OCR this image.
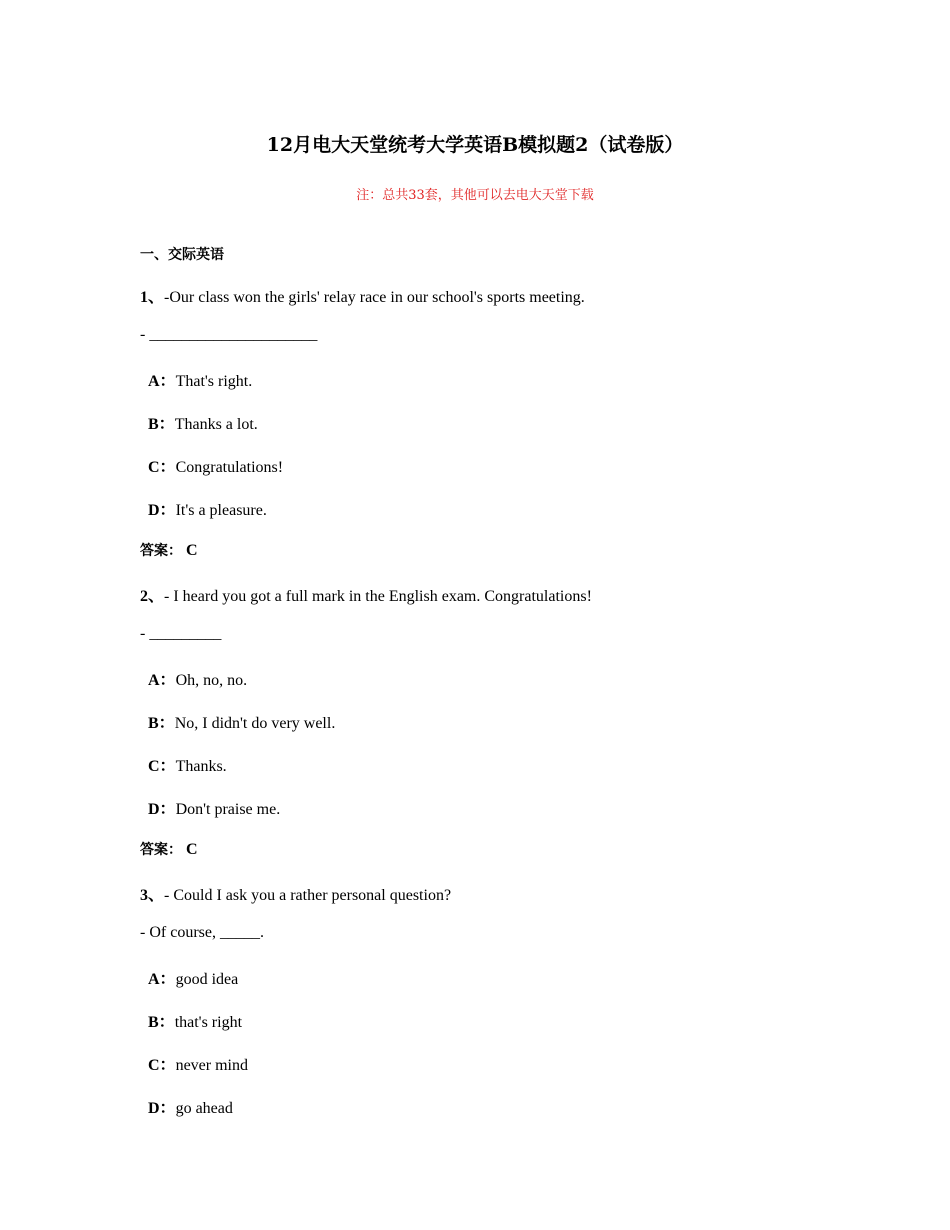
12月电大天堂统考大学英语B模拟题2（试卷版）
注：总共33套，其他可以去电大天堂下载
一、交际英语
1、-Our class won the girls' relay race in our school's sports meeting.
- _____________________
A：That's right.
B：Thanks a lot.
C：Congratulations!
D：It's a pleasure.
答案： C
2、- I heard you got a full mark in the English exam. Congratulations!
- _________
A：Oh, no, no.
B：No, I didn't do very well.
C：Thanks.
D：Don't praise me.
答案： C
3、- Could I ask you a rather personal question?
- Of course, _____.
A：good idea
B：that's right
C：never mind
D：go ahead
